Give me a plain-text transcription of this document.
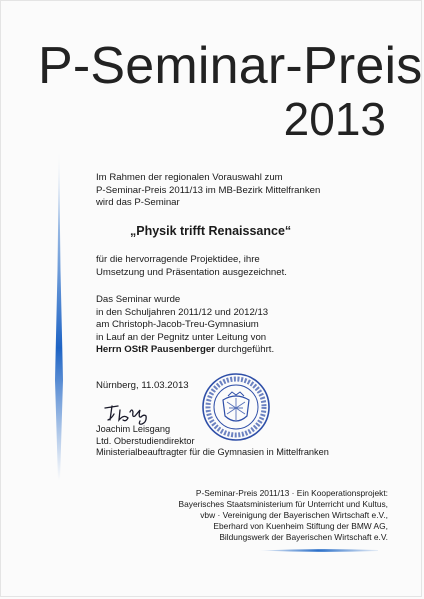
P-Seminar-Preis
2013
Im Rahmen der regionalen Vorauswahl zum
P-Seminar-Preis 2011/13 im MB-Bezirk Mittelfranken
wird das P-Seminar
„Physik trifft Renaissance“
für die hervorragende Projektidee, ihre
Umsetzung und Präsentation ausgezeichnet.
Das Seminar wurde
in den Schuljahren 2011/12 und 2012/13
am Christoph-Jacob-Treu-Gymnasium
in Lauf an der Pegnitz unter Leitung von
Herrn OStR Pausenberger durchgeführt.
Nürnberg, 11.03.2013
Joachim Leisgang
Ltd. Oberstudiendirektor
Ministerialbeauftragter für die Gymnasien in Mittelfranken
P-Seminar-Preis 2011/13 · Ein Kooperationsprojekt:
Bayerisches Staatsministerium für Unterricht und Kultus,
vbw · Vereinigung der Bayerischen Wirtschaft e.V.,
Eberhard von Kuenheim Stiftung der BMW AG,
Bildungswerk der Bayerischen Wirtschaft e.V.
